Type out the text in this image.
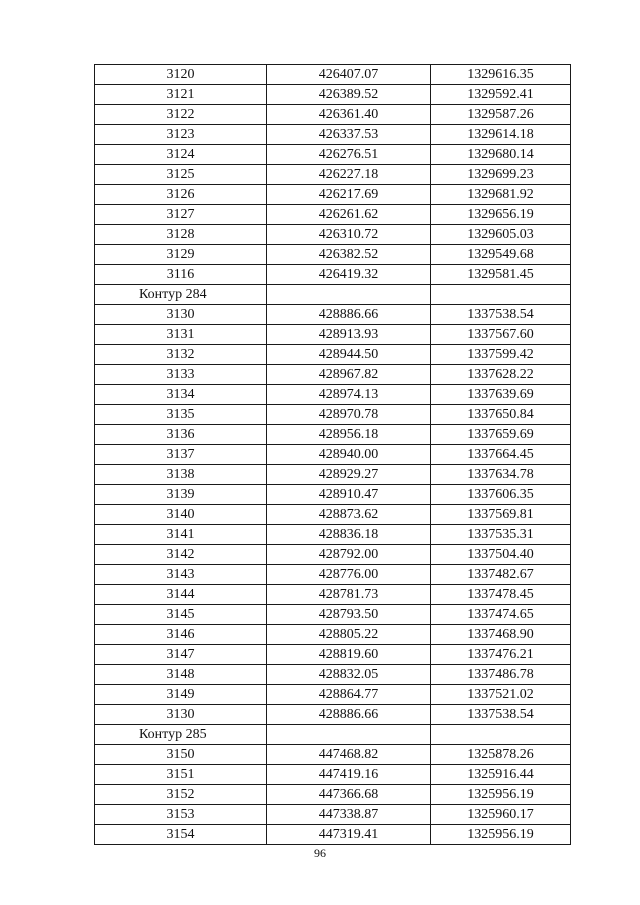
3120	426407.07	1329616.35
3121	426389.52	1329592.41
3122	426361.40	1329587.26
3123	426337.53	1329614.18
3124	426276.51	1329680.14
3125	426227.18	1329699.23
3126	426217.69	1329681.92
3127	426261.62	1329656.19
3128	426310.72	1329605.03
3129	426382.52	1329549.68
3116	426419.32	1329581.45
Контур 284		
3130	428886.66	1337538.54
3131	428913.93	1337567.60
3132	428944.50	1337599.42
3133	428967.82	1337628.22
3134	428974.13	1337639.69
3135	428970.78	1337650.84
3136	428956.18	1337659.69
3137	428940.00	1337664.45
3138	428929.27	1337634.78
3139	428910.47	1337606.35
3140	428873.62	1337569.81
3141	428836.18	1337535.31
3142	428792.00	1337504.40
3143	428776.00	1337482.67
3144	428781.73	1337478.45
3145	428793.50	1337474.65
3146	428805.22	1337468.90
3147	428819.60	1337476.21
3148	428832.05	1337486.78
3149	428864.77	1337521.02
3130	428886.66	1337538.54
Контур 285		
3150	447468.82	1325878.26
3151	447419.16	1325916.44
3152	447366.68	1325956.19
3153	447338.87	1325960.17
3154	447319.41	1325956.19
96
